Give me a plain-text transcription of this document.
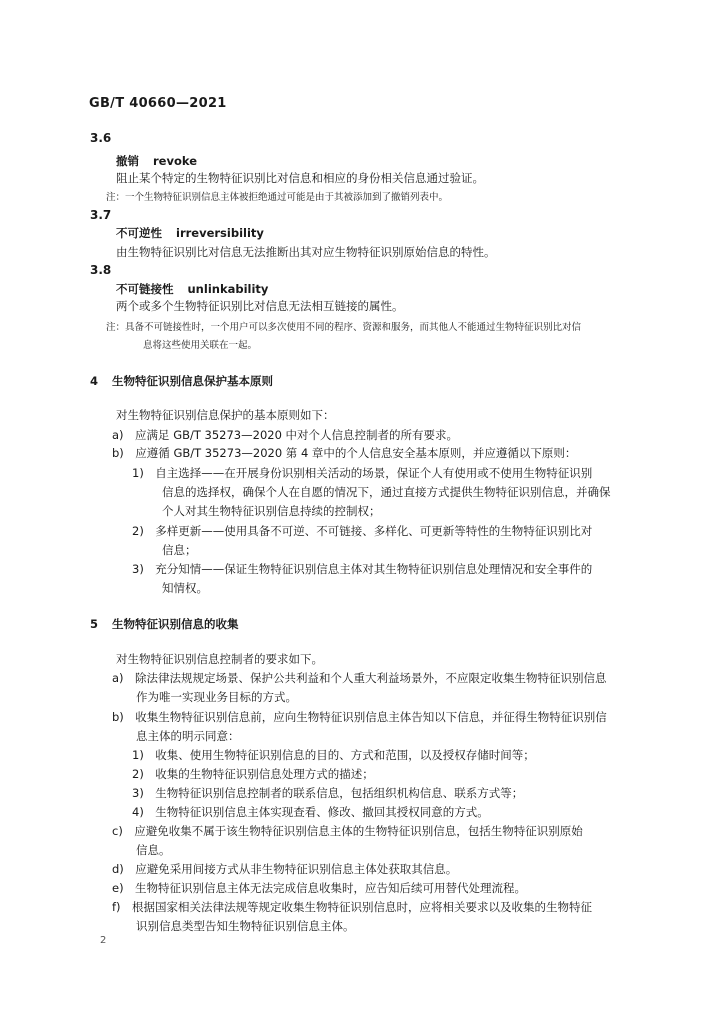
GB/T 40660—2021
3.6
撤销 revoke
阻止某个特定的生物特征识别比对信息和相应的身份相关信息通过验证。
注：一个生物特征识别信息主体被拒绝通过可能是由于其被添加到了撤销列表中。
3.7
不可逆性 irreversibility
由生物特征识别比对信息无法推断出其对应生物特征识别原始信息的特性。
3.8
不可链接性 unlinkability
两个或多个生物特征识别比对信息无法相互链接的属性。
注：具备不可链接性时，一个用户可以多次使用不同的程序、资源和服务，而其他人不能通过生物特征识别比对信
息将这些使用关联在一起。
4 生物特征识别信息保护基本原则
对生物特征识别信息保护的基本原则如下：
a)　应满足 GB/T 35273—2020 中对个人信息控制者的所有要求。
b)　应遵循 GB/T 35273—2020 第 4 章中的个人信息安全基本原则，并应遵循以下原则：
1)　自主选择——在开展身份识别相关活动的场景，保证个人有使用或不使用生物特征识别
信息的选择权，确保个人在自愿的情况下，通过直接方式提供生物特征识别信息，并确保
个人对其生物特征识别信息持续的控制权；
2)　多样更新——使用具备不可逆、不可链接、多样化、可更新等特性的生物特征识别比对
信息；
3)　充分知情——保证生物特征识别信息主体对其生物特征识别信息处理情况和安全事件的
知情权。
5 生物特征识别信息的收集
对生物特征识别信息控制者的要求如下。
a)　除法律法规规定场景、保护公共利益和个人重大利益场景外，不应限定收集生物特征识别信息
作为唯一实现业务目标的方式。
b)　收集生物特征识别信息前，应向生物特征识别信息主体告知以下信息，并征得生物特征识别信
息主体的明示同意：
1)　收集、使用生物特征识别信息的目的、方式和范围，以及授权存储时间等；
2)　收集的生物特征识别信息处理方式的描述；
3)　生物特征识别信息控制者的联系信息，包括组织机构信息、联系方式等；
4)　生物特征识别信息主体实现查看、修改、撤回其授权同意的方式。
c)　应避免收集不属于该生物特征识别信息主体的生物特征识别信息，包括生物特征识别原始
信息。
d)　应避免采用间接方式从非生物特征识别信息主体处获取其信息。
e)　生物特征识别信息主体无法完成信息收集时，应告知后续可用替代处理流程。
f)　根据国家相关法律法规等规定收集生物特征识别信息时，应将相关要求以及收集的生物特征
识别信息类型告知生物特征识别信息主体。
2
